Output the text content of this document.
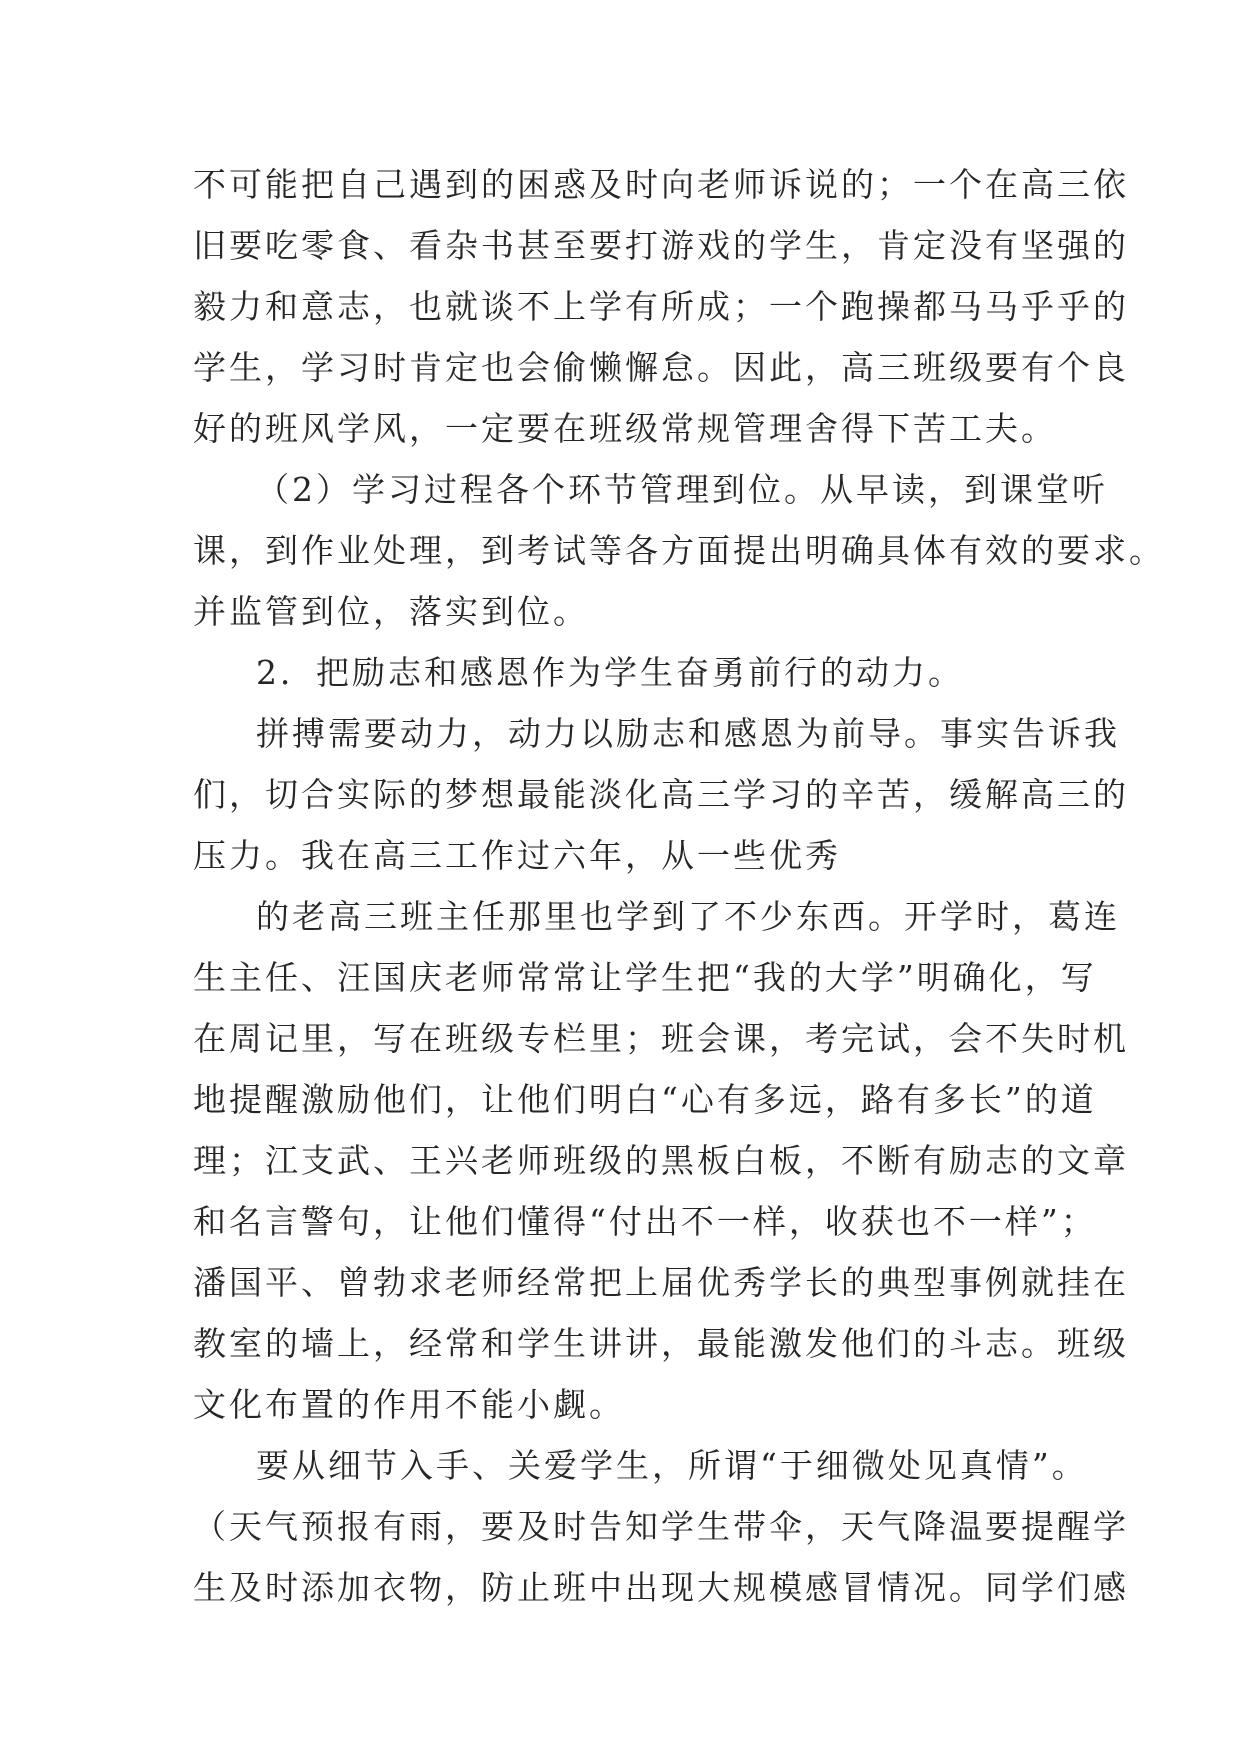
不可能把自己遇到的困惑及时向老师诉说的；一个在高三依
旧要吃零食、看杂书甚至要打游戏的学生，肯定没有坚强的
毅力和意志，也就谈不上学有所成；一个跑操都马马乎乎的
学生，学习时肯定也会偷懒懈怠。因此，高三班级要有个良
好的班风学风，一定要在班级常规管理舍得下苦工夫。
（2）学习过程各个环节管理到位。从早读，到课堂听
课，到作业处理，到考试等各方面提出明确具体有效的要求。
并监管到位，落实到位。
2．把励志和感恩作为学生奋勇前行的动力。
拼搏需要动力，动力以励志和感恩为前导。事实告诉我
们，切合实际的梦想最能淡化高三学习的辛苦，缓解高三的
压力。我在高三工作过六年，从一些优秀
的老高三班主任那里也学到了不少东西。开学时，葛连
生主任、汪国庆老师常常让学生把“我的大学”明确化，写
在周记里，写在班级专栏里；班会课，考完试，会不失时机
地提醒激励他们，让他们明白“心有多远，路有多长”的道
理；江支武、王兴老师班级的黑板白板，不断有励志的文章
和名言警句，让他们懂得“付出不一样，收获也不一样”；
潘国平、曾勃求老师经常把上届优秀学长的典型事例就挂在
教室的墙上，经常和学生讲讲，最能激发他们的斗志。班级
文化布置的作用不能小觑。
要从细节入手、关爱学生，所谓“于细微处见真情”。
（天气预报有雨，要及时告知学生带伞，天气降温要提醒学
生及时添加衣物，防止班中出现大规模感冒情况。同学们感
